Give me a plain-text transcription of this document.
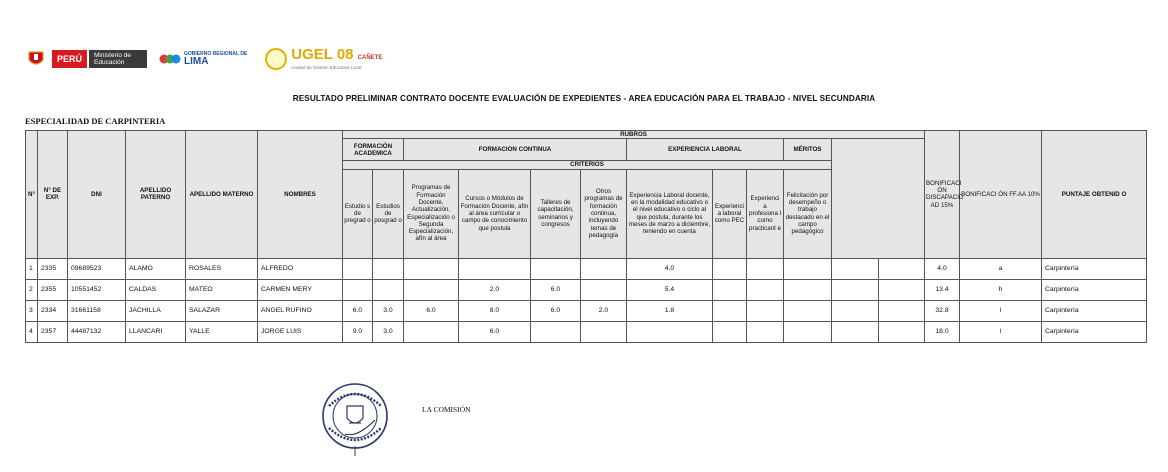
PERÚ	Ministerio de Educación
GOBIERNO REGIONAL DE
LIMA	UGEL 08 CAÑETE
Unidad de Gestión Educativa Local
RESULTADO PRELIMINAR CONTRATO DOCENTE EVALUACIÓN DE EXPEDIENTES - AREA EDUCACIÓN PARA EL TRABAJO - NIVEL SECUNDARIA
ESPECIALIDAD DE CARPINTERIA
N°	N° DE EXP.	DNI	APELLIDO PATERNO	APELLIDO MATERNO	NOMBRES	RUBROS												BONIFICACI ÓN DISCAPACID AD 15%	BONIFICACI ÓN FF.AA 10%	PUNTAJE OBTENID O	

						FORMACIÓN ACADEMICA		FORMACION CONTINUA				EXPERIENCIA LABORAL			MÉRITOS						
						CRITERIOS															
						Estudio s de pregrad o	Estudios de posgrad o	Programas de Formación Docente, Actualización, Especialización o Segunda Especialización, afín al área	Cursos o Módulos de Formación Docente, afín al área curricular o campo de conocimiento que postula	Talleres de capacitación, seminarios y congresos	Otros programas de formación continua, incluyendo temas de pedagogía	Experiencia Laboral docente, en la modalidad educativo o el nivel educativo o ciclo al que postula, durante los meses de marzo a diciembre, teniendo en cuenta	Experienci a laboral como PEC	Experienci a profesiona l como practicant e	Felicitación por desempeño o trabajo destacado en el campo pedagógico						
1	2335	09689523	ALAMO	ROSALES	ALFREDO							4.0						4.0	a	Carpintería	
2	2355	10551452	CALDAS	MATEO	CARMEN MERY				2.0	6.0		5.4						13.4	h	Carpintería	
3	2334	31661158	JACHILLA	SALAZAR	ANGEL RUFINO	6.0	3.0	6.0	8.0	6.0	2.0	1.8						32.8	l	Carpintería	
4	2357	44487132	LLANCARI	YALLE	JORGE LUIS	9.0	3.0		6.0									18.0	l	Carpintería	
LA COMISIÓN
